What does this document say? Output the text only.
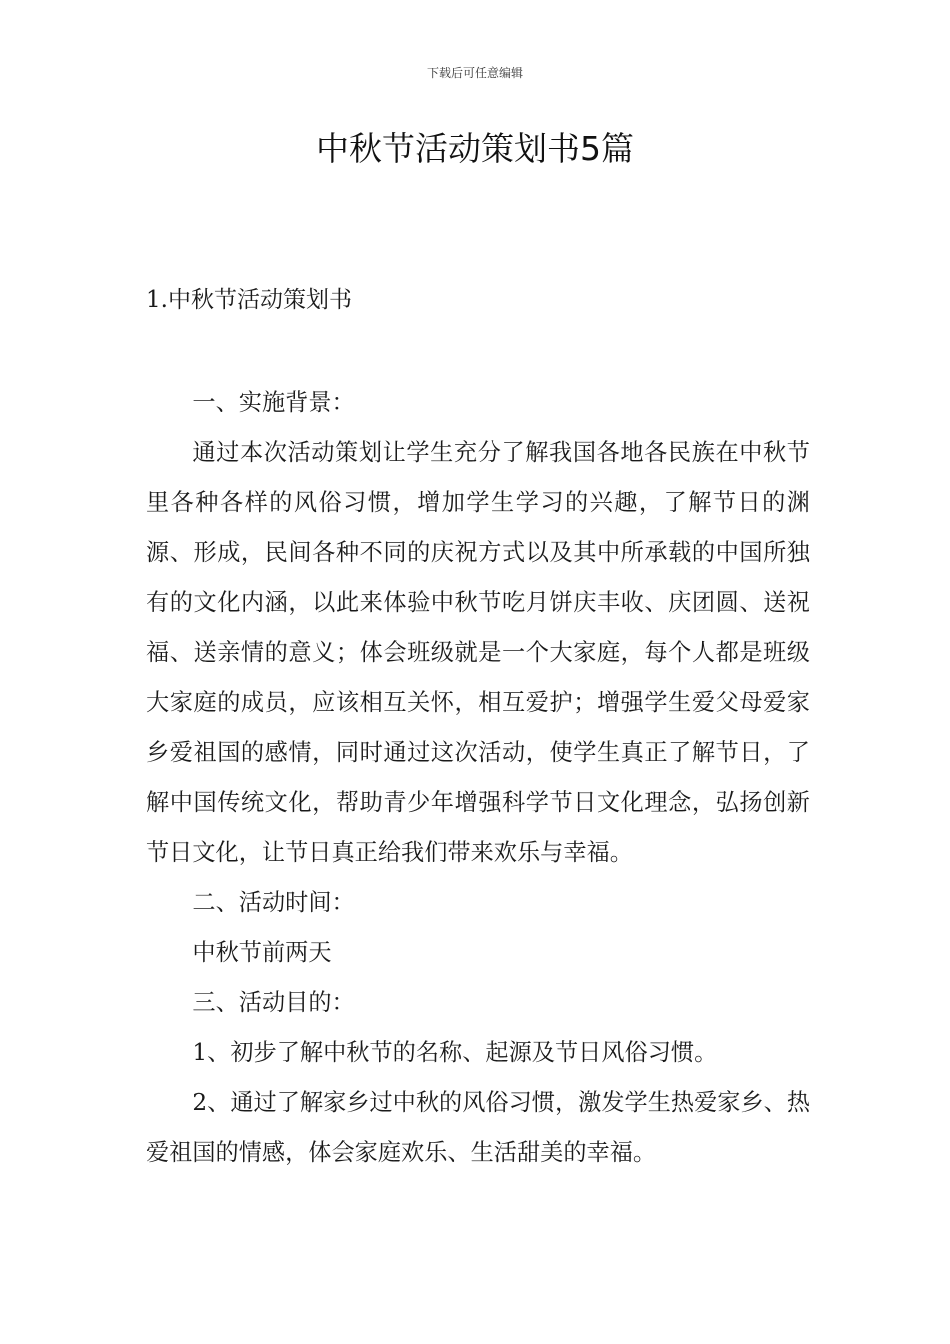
下载后可任意编辑
中秋节活动策划书5篇
1.中秋节活动策划书

一、实施背景：

通过本次活动策划让学生充分了解我国各地各民族在中秋节里各种各样的风俗习惯，增加学生学习的兴趣，了解节日的渊源、形成，民间各种不同的庆祝方式以及其中所承载的中国所独有的文化内涵，以此来体验中秋节吃月饼庆丰收、庆团圆、送祝福、送亲情的意义；体会班级就是一个大家庭，每个人都是班级大家庭的成员，应该相互关怀，相互爱护；增强学生爱父母爱家乡爱祖国的感情，同时通过这次活动，使学生真正了解节日，了解中国传统文化，帮助青少年增强科学节日文化理念，弘扬创新节日文化，让节日真正给我们带来欢乐与幸福。

二、活动时间：

中秋节前两天

三、活动目的：

1、初步了解中秋节的名称、起源及节日风俗习惯。

2、通过了解家乡过中秋的风俗习惯，激发学生热爱家乡、热爱祖国的情感，体会家庭欢乐、生活甜美的幸福。
